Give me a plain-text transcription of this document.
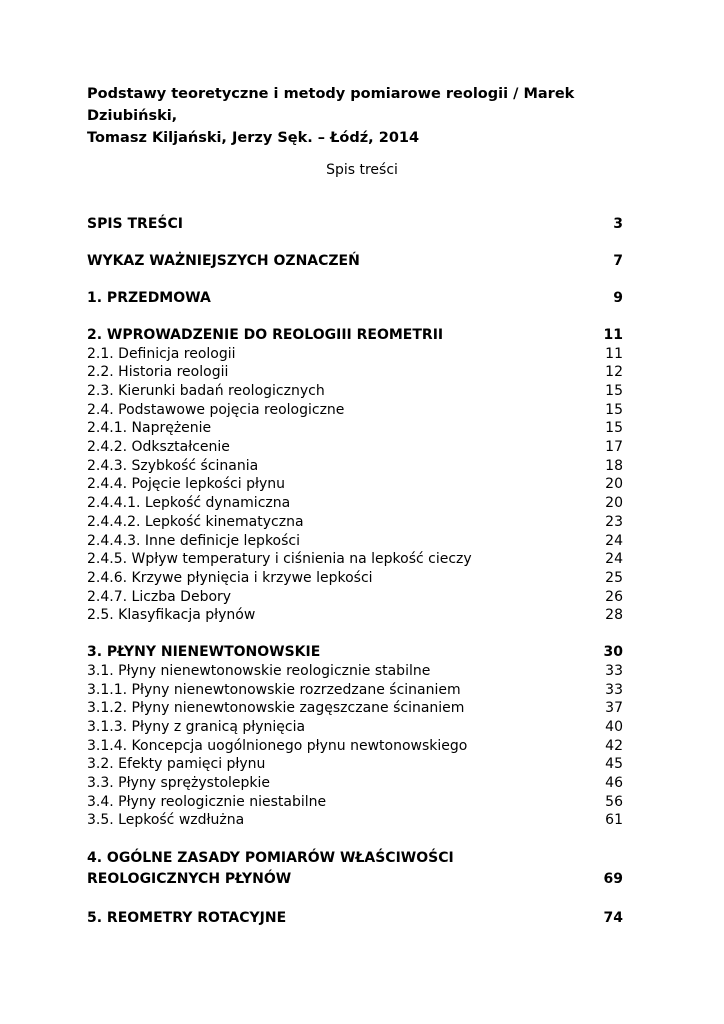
Podstawy teoretyczne i metody pomiarowe reologii / Marek Dziubiński,
Tomasz Kiljański, Jerzy Sęk. – Łódź, 2014
Spis treści
SPIS TREŚCI	3
WYKAZ WAŻNIEJSZYCH OZNACZEŃ	7
1. PRZEDMOWA	9
2. WPROWADZENIE DO REOLOGIII REOMETRII	11
2.1. Definicja reologii	11
2.2. Historia reologii	12
2.3. Kierunki badań reologicznych	15
2.4. Podstawowe pojęcia reologiczne	15
2.4.1. Naprężenie	15
2.4.2. Odkształcenie	17
2.4.3. Szybkość ścinania	18
2.4.4. Pojęcie lepkości płynu	20
2.4.4.1. Lepkość dynamiczna	20
2.4.4.2. Lepkość kinematyczna	23
2.4.4.3. Inne definicje lepkości	24
2.4.5. Wpływ temperatury i ciśnienia na lepkość cieczy	24
2.4.6. Krzywe płynięcia i krzywe lepkości	25
2.4.7. Liczba Debory	26
2.5. Klasyfikacja płynów	28
3. PŁYNY NIENEWTONOWSKIE	30
3.1. Płyny nienewtonowskie reologicznie stabilne	33
3.1.1. Płyny nienewtonowskie rozrzedzane ścinaniem	33
3.1.2. Płyny nienewtonowskie zagęszczane ścinaniem	37
3.1.3. Płyny z granicą płynięcia	40
3.1.4. Koncepcja uogólnionego płynu newtonowskiego	42
3.2. Efekty pamięci płynu	45
3.3. Płyny sprężystolepkie	46
3.4. Płyny reologicznie niestabilne	56
3.5. Lepkość wzdłużna	61
4. OGÓLNE ZASADY POMIARÓW WŁAŚCIWOŚCI REOLOGICZNYCH PŁYNÓW	69
5. REOMETRY ROTACYJNE	74
